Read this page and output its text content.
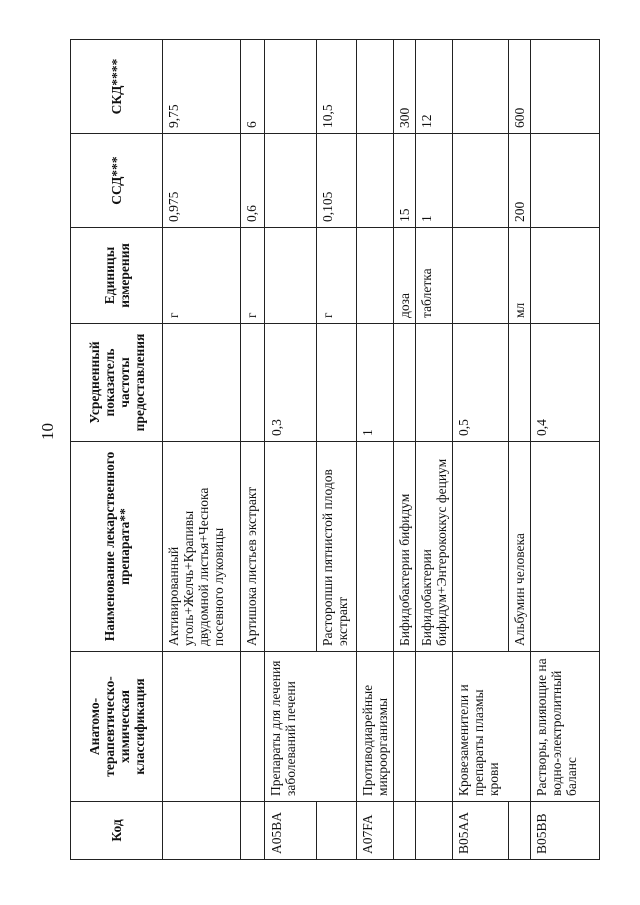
10
Код	Анатомо-терапевтическо-химическая классификация	Наименование лекарственного препарата**	Усредненный показатель частоты предоставления	Единицы измерения	ССД***	СКД****
		Активированный уголь+Желчь+Крапивы двудомной листья+Чеснока посевного луковицы		г	0,975	9,75
		Артишока листьев экстракт		г	0,6	6
A05BA	Препараты для лечения заболеваний печени		0,3			
		Расторопши пятнистой плодов экстракт		г	0,105	10,5
A07FA	Противодиарейные микроорганизмы		1			
		Бифидобактерии бифидум		доза	15	300
		Бифидобактерии бифидум+Энтерококкус фециум		таблетка	1	12
B05AA	Кровезаменители и препараты плазмы крови		0,5			
		Альбумин человека		мл	200	600
B05BB	Растворы, влияющие на водно-электролитный баланс		0,4			
